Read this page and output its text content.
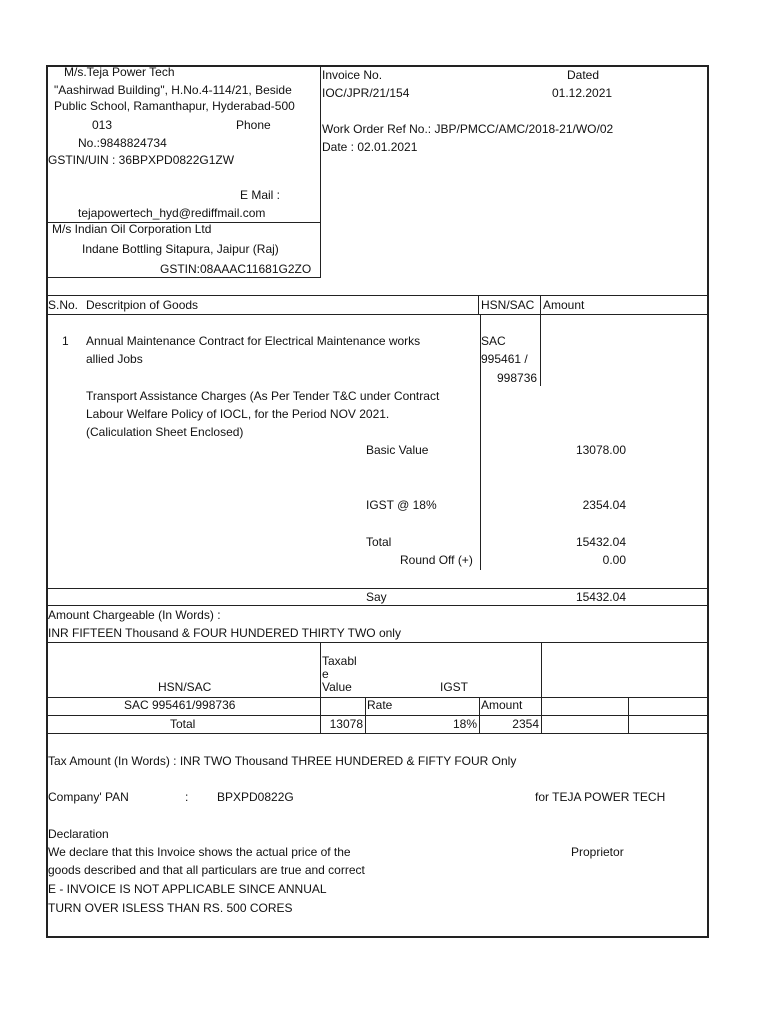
M/s.Teja Power Tech
"Aashirwad Building", H.No.4-114/21, Beside
Public School, Ramanthapur, Hyderabad-500
013	Phone
No.:9848824734
GSTIN/UIN : 36BPXPD0822G1ZW
E Mail :
tejapowertech_hyd@rediffmail.com
Invoice No.
IOC/JPR/21/154
Dated
01.12.2021
Work Order Ref No.: JBP/PMCC/AMC/2018-21/WO/02
Date : 02.01.2021
M/s Indian Oil Corporation Ltd
Indane Bottling Sitapura, Jaipur (Raj)
GSTIN:08AAAC11681G2ZO
S.No. Descritpion of Goods	HSN/SAC Amount
1 Annual Maintenance Contract for Electrical Maintenance works
allied Jobs
SAC
995461 /
998736
Transport Assistance Charges (As Per Tender T&C under Contract
Labour Welfare Policy of IOCL, for the Period NOV 2021.
(Caliculation Sheet Enclosed)
Basic Value	13078.00
IGST @ 18%	2354.04
Total	15432.04
Round Off (+)	0.00
Say	15432.04
Amount Chargeable (In Words) :
INR FIFTEEN Thousand & FOUR HUNDERED THIRTY TWO only
HSN/SAC
Taxabl
e
Value	IGST
Rate	Amount
SAC 995461/998736
Total	13078	18%	2354
Tax Amount (In Words) : INR TWO Thousand THREE HUNDERED & FIFTY FOUR Only
Company' PAN	: BPXPD0822G	for TEJA POWER TECH
Declaration
We declare that this Invoice shows the actual price of the
goods described and that all particulars are true and correct
E - INVOICE IS NOT APPLICABLE SINCE ANNUAL
TURN OVER ISLESS THAN RS. 500 CORES
Proprietor
